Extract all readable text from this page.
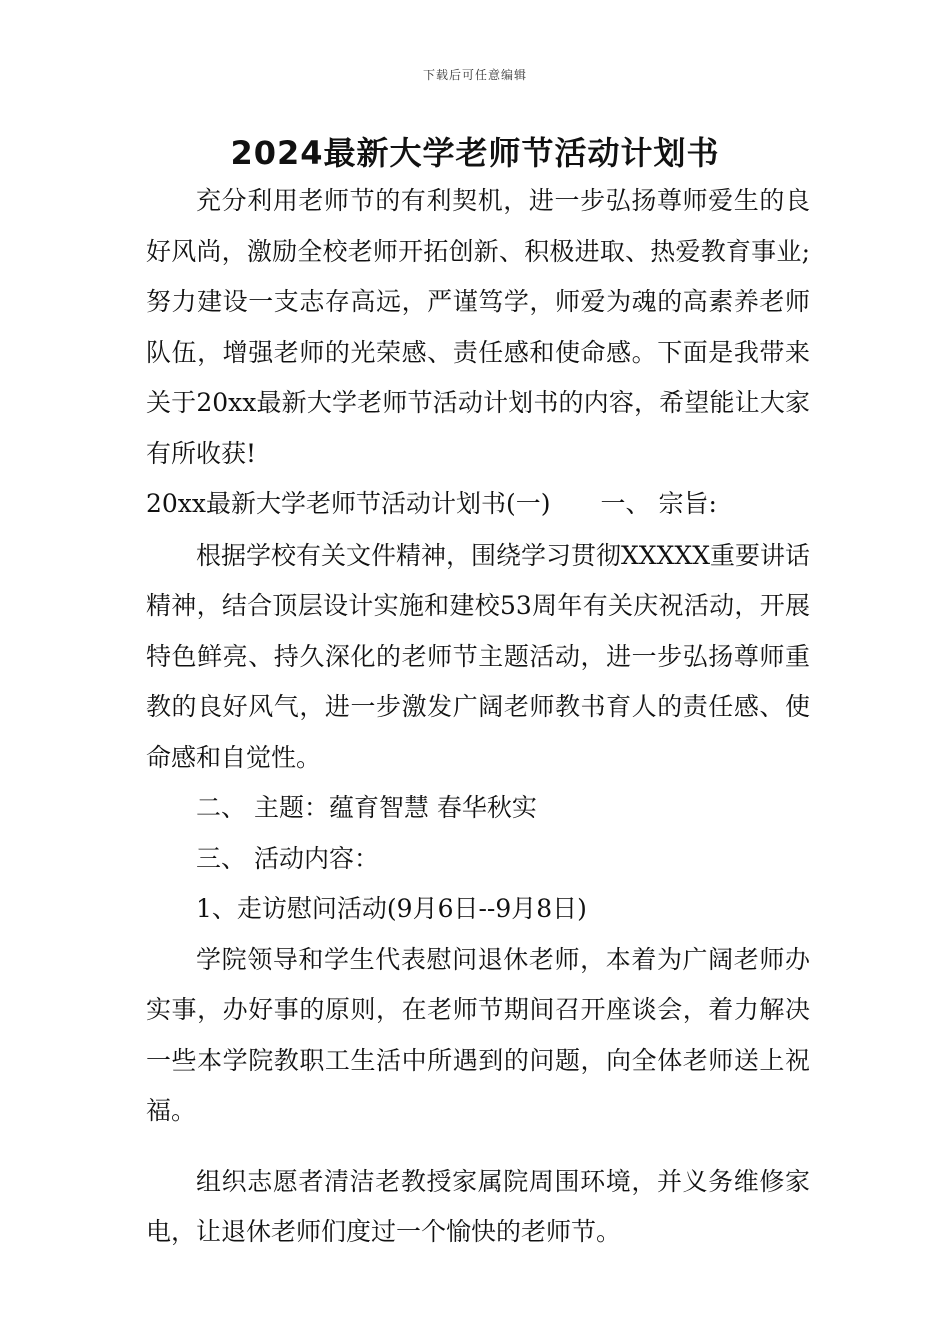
下载后可任意编辑
2024最新大学老师节活动计划书

充分利用老师节的有利契机，进一步弘扬尊师爱生的良好风尚，激励全校老师开拓创新、积极进取、热爱教育事业;努力建设一支志存高远，严谨笃学，师爱为魂的高素养老师队伍，增强老师的光荣感、责任感和使命感。下面是我带来关于20xx最新大学老师节活动计划书的内容，希望能让大家有所收获!

20xx最新大学老师节活动计划书(一)　　一、 宗旨:

根据学校有关文件精神，围绕学习贯彻XXXXX重要讲话精神，结合顶层设计实施和建校53周年有关庆祝活动，开展特色鲜亮、持久深化的老师节主题活动，进一步弘扬尊师重教的良好风气，进一步激发广阔老师教书育人的责任感、使命感和自觉性。

二、 主题：蕴育智慧 春华秋实

三、 活动内容：

1、走访慰问活动(9月6日--9月8日)

学院领导和学生代表慰问退休老师，本着为广阔老师办实事，办好事的原则，在老师节期间召开座谈会，着力解决一些本学院教职工生活中所遇到的问题，向全体老师送上祝福。

组织志愿者清洁老教授家属院周围环境，并义务维修家电，让退休老师们度过一个愉快的老师节。
